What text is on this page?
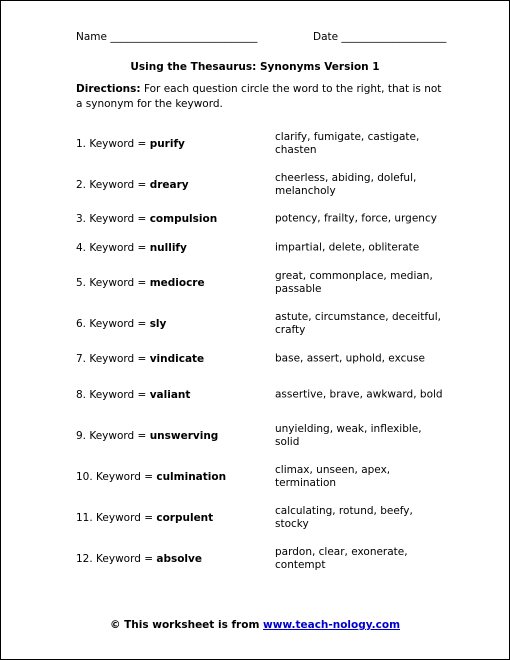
Name ____________________________	Date ____________________
Using the Thesaurus: Synonyms Version 1
Directions: For each question circle the word to the right, that is not a synonym for the keyword.
1. Keyword = purify
clarify, fumigate, castigate, chasten
2. Keyword = dreary
cheerless, abiding, doleful, melancholy
3. Keyword = compulsion	potency, frailty, force, urgency
4. Keyword = nullify	impartial, delete, obliterate
5. Keyword = mediocre
great, commonplace, median, passable
6. Keyword = sly
astute, circumstance, deceitful, crafty
7. Keyword = vindicate	base, assert, uphold, excuse
8. Keyword = valiant	assertive, brave, awkward, bold
9. Keyword = unswerving
unyielding, weak, inflexible, solid
10. Keyword = culmination
climax, unseen, apex, termination
11. Keyword = corpulent
calculating, rotund, beefy, stocky
12. Keyword = absolve
pardon, clear, exonerate, contempt
© This worksheet is from www.teach-nology.com
